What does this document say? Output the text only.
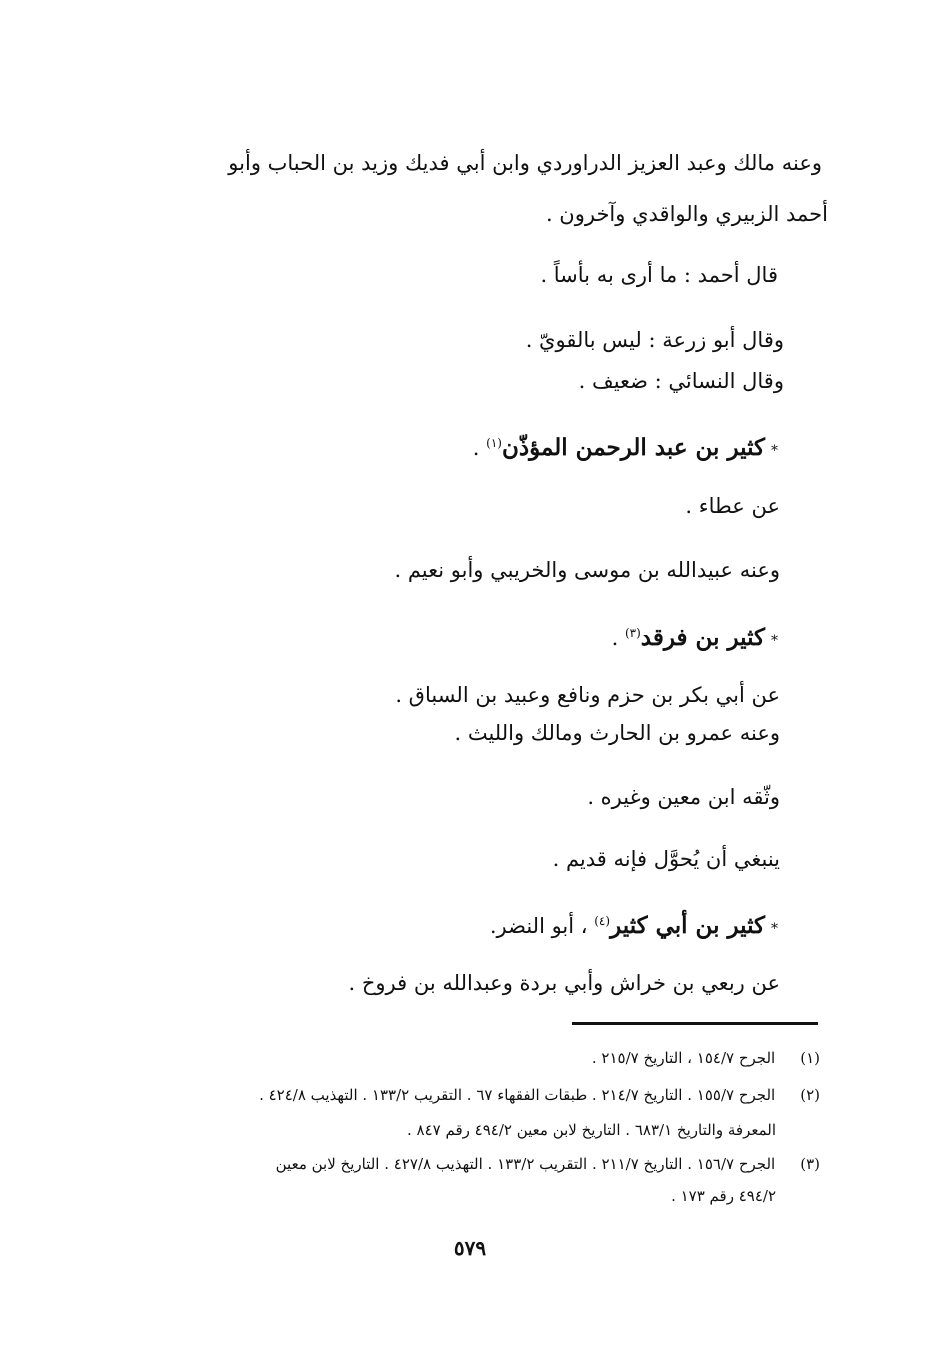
وعنه مالك وعبد العزيز الدراوردي وابن أبي فديك وزيد بن الحباب وأبو
أحمد الزبيري والواقدي وآخرون .
قال أحمد : ما أرى به بأساً .
وقال أبو زرعة : ليس بالقويّ .
وقال النسائي : ضعيف .
*كثير بن عبد الرحمن المؤذّن$^{(١)}$ .
عن عطاء .
وعنه عبيدالله بن موسى والخريبي وأبو نعيم .
*كثير بن فرقد$^{(٣)}$ .
عن أبي بكر بن حزم ونافع وعبيد بن السباق .
وعنه عمرو بن الحارث ومالك والليث .
وثّقه ابن معين وغيره .
ينبغي أن يُحوَّل فإنه قديم .
*كثير بن أبي كثير$^{(٤)}$ ، أبو النضر.
عن ربعي بن خراش وأبي بردة وعبدالله بن فروخ .
(١) الجرح ١٥٤/٧ ، التاريخ ٢١٥/٧ .
(٢) الجرح ١٥٥/٧ . التاريخ ٢١٤/٧ . طبقات الفقهاء ٦٧ . التقريب ١٣٣/٢ . التهذيب ٤٢٤/٨ .
المعرفة والتاريخ ٦٨٣/١ . التاريخ لابن معين ٤٩٤/٢ رقم ٨٤٧ .
(٣) الجرح ١٥٦/٧ . التاريخ ٢١١/٧ . التقريب ١٣٣/٢ . التهذيب ٤٢٧/٨ . التاريخ لابن معين
٤٩٤/٢ رقم ١٧٣ .
٥٧٩
